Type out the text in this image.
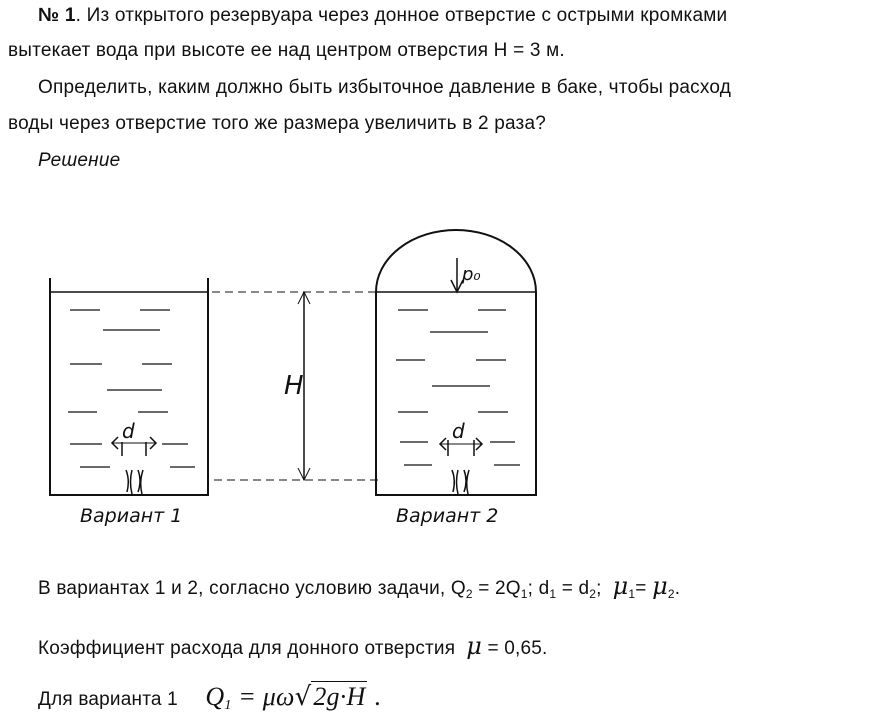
№ 1. Из открытого резервуара через донное отверстие с острыми кромками
вытекает вода при высоте ее над центром отверстия H = 3 м.
Определить, каким должно быть избыточное давление в баке, чтобы расход
воды через отверстие того же размера увеличить в 2 раза?
Решение
H
d	d
p₀
Вариант 1	Вариант 2
В вариантах 1 и 2, согласно условию задачи, $Q_2 = 2Q_1$; $d_1 = d_2$; $\mu_1= \mu_2$.
Коэффициент расхода для донного отверстия μ = 0,65.
Для варианта 1 $Q_1 = \mu\omega√2g\cdot H$ .
